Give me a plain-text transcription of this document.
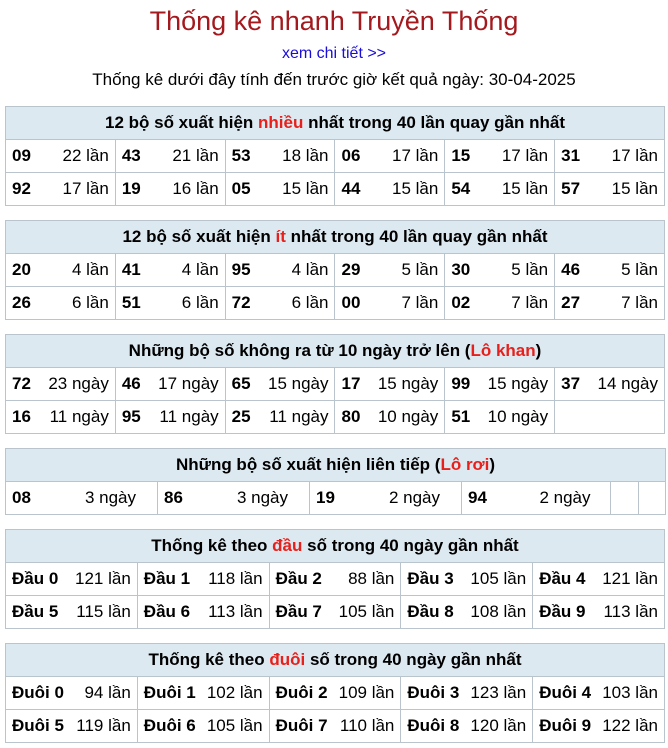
Thống kê nhanh Truyền Thống
xem chi tiết >>
Thống kê dưới đây tính đến trước giờ kết quả ngày: 30-04-2025
12 bộ số xuất hiện nhiều nhất trong 40 lần quay gần nhất					

09 22 lần	43 21 lần	53 18 lần	06 17 lần	15 17 lần	31 17 lần

92 17 lần	19 16 lần	05 15 lần	44 15 lần	54 15 lần	57 15 lần
12 bộ số xuất hiện ít nhất trong 40 lần quay gần nhất					

20 4 lần	41 4 lần	95 4 lần	29 5 lần	30 5 lần	46 5 lần

26 6 lần	51 6 lần	72 6 lần	00 7 lần	02 7 lần	27 7 lần
Những bộ số không ra từ 10 ngày trở lên (Lô khan)					

72 23 ngày	46 17 ngày	65 15 ngày	17 15 ngày	99 15 ngày	37 14 ngày

16 11 ngày	95 11 ngày	25 11 ngày	80 10 ngày	51 10 ngày	

Những bộ số xuất hiện liên tiếp (Lô rơi)

08	3 ngày	86	3 ngày	19	2 ngày	94	2 ngày

Thống kê theo đầu số trong 40 ngày gần nhất				

Đầu 0 121 lần	Đầu 1 118 lần	Đầu 2 88 lần	Đầu 3 105 lần	Đầu 4 121 lần

Đầu 5 115 lần	Đầu 6 113 lần	Đầu 7 105 lần	Đầu 8 108 lần	Đầu 9 113 lần
Thống kê theo đuôi số trong 40 ngày gần nhất				

Đuôi 0 94 lần	Đuôi 1 102 lần	Đuôi 2 109 lần	Đuôi 3 123 lần	Đuôi 4 103 lần

Đuôi 5 119 lần	Đuôi 6 105 lần	Đuôi 7 110 lần	Đuôi 8 120 lần	Đuôi 9 122 lần
